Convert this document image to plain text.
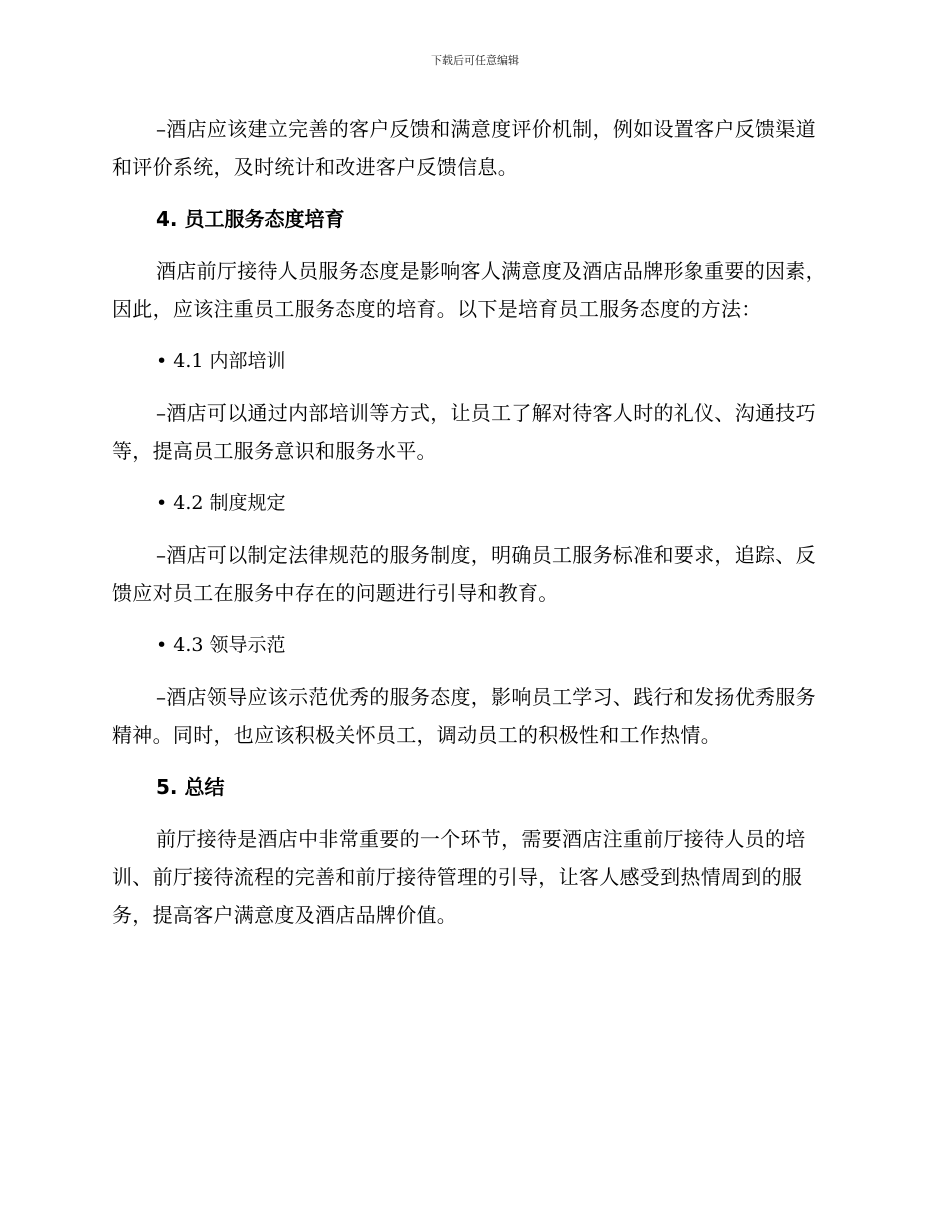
下载后可任意编辑

–酒店应该建立完善的客户反馈和满意度评价机制，例如设置客户反馈渠道和评价系统，及时统计和改进客户反馈信息。

4. 员工服务态度培育

酒店前厅接待人员服务态度是影响客人满意度及酒店品牌形象重要的因素，因此，应该注重员工服务态度的培育。以下是培育员工服务态度的方法：

• 4.1 内部培训

–酒店可以通过内部培训等方式，让员工了解对待客人时的礼仪、沟通技巧等，提高员工服务意识和服务水平。

• 4.2 制度规定

–酒店可以制定法律规范的服务制度，明确员工服务标准和要求，追踪、反馈应对员工在服务中存在的问题进行引导和教育。

• 4.3 领导示范

–酒店领导应该示范优秀的服务态度，影响员工学习、践行和发扬优秀服务精神。同时，也应该积极关怀员工，调动员工的积极性和工作热情。

5. 总结

前厅接待是酒店中非常重要的一个环节，需要酒店注重前厅接待人员的培训、前厅接待流程的完善和前厅接待管理的引导，让客人感受到热情周到的服务，提高客户满意度及酒店品牌价值。
